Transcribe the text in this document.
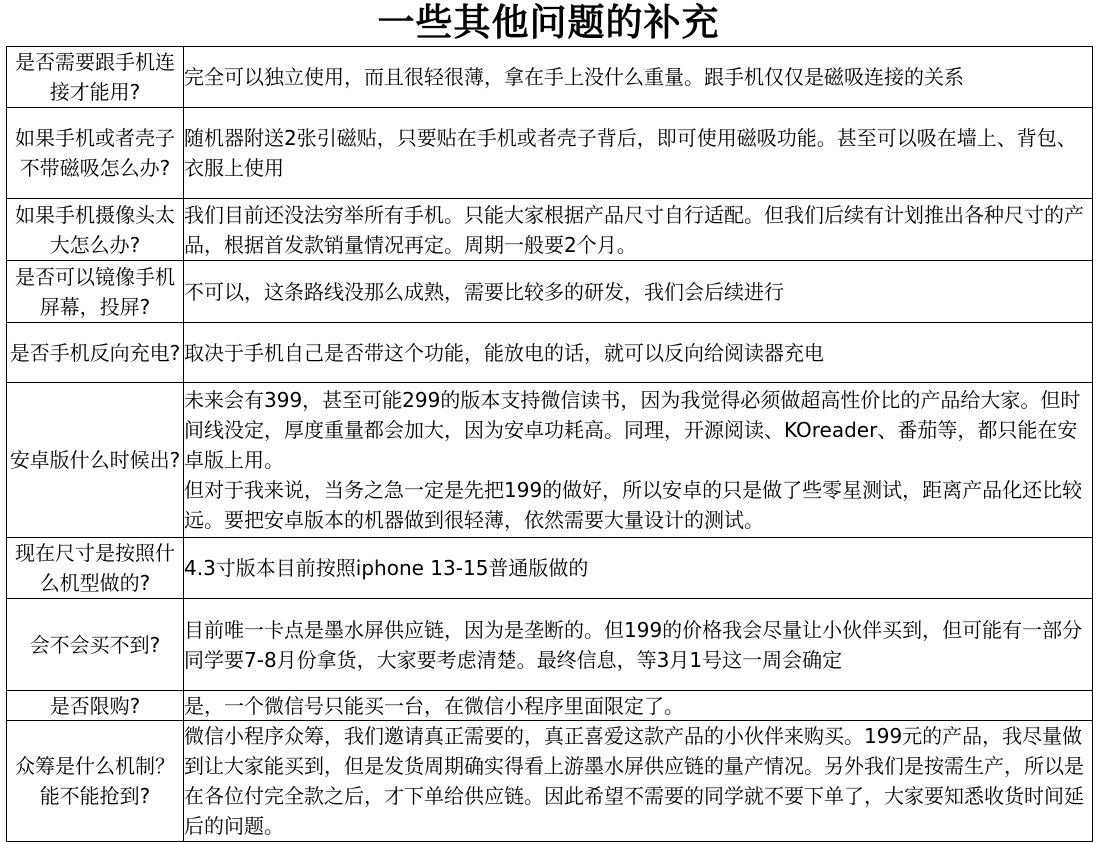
一些其他问题的补充
是否需要跟手机连接才能用?	完全可以独立使用，而且很轻很薄，拿在手上没什么重量。跟手机仅仅是磁吸连接的关系

如果手机或者壳子不带磁吸怎么办?	随机器附送2张引磁贴，只要贴在手机或者壳子背后，即可使用磁吸功能。甚至可以吸在墙上、背包、衣服上使用

如果手机摄像头太大怎么办?	我们目前还没法穷举所有手机。只能大家根据产品尺寸自行适配。但我们后续有计划推出各种尺寸的产品，根据首发款销量情况再定。周期一般要2个月。

是否可以镜像手机屏幕，投屏?	不可以，这条路线没那么成熟，需要比较多的研发，我们会后续进行

是否手机反向充电?	取决于手机自己是否带这个功能，能放电的话，就可以反向给阅读器充电

安卓版什么时候出?	未来会有399，甚至可能299的版本支持微信读书，因为我觉得必须做超高性价比的产品给大家。但时间线没定，厚度重量都会加大，因为安卓功耗高。同理，开源阅读、KOreader、番茄等，都只能在安卓版上用。
但对于我来说，当务之急一定是先把199的做好，所以安卓的只是做了些零星测试，距离产品化还比较远。要把安卓版本的机器做到很轻薄，依然需要大量设计的测试。

现在尺寸是按照什么机型做的?	4.3寸版本目前按照iphone 13-15普通版做的

会不会买不到?	目前唯一卡点是墨水屏供应链，因为是垄断的。但199的价格我会尽量让小伙伴买到，但可能有一部分同学要7-8月份拿货，大家要考虑清楚。最终信息，等3月1号这一周会确定

是否限购?	是，一个微信号只能买一台，在微信小程序里面限定了。

众筹是什么机制？能不能抢到?	微信小程序众筹，我们邀请真正需要的，真正喜爱这款产品的小伙伴来购买。199元的产品，我尽量做到让大家能买到，但是发货周期确实得看上游墨水屏供应链的量产情况。另外我们是按需生产，所以是在各位付完全款之后，才下单给供应链。因此希望不需要的同学就不要下单了，大家要知悉收货时间延后的问题。
